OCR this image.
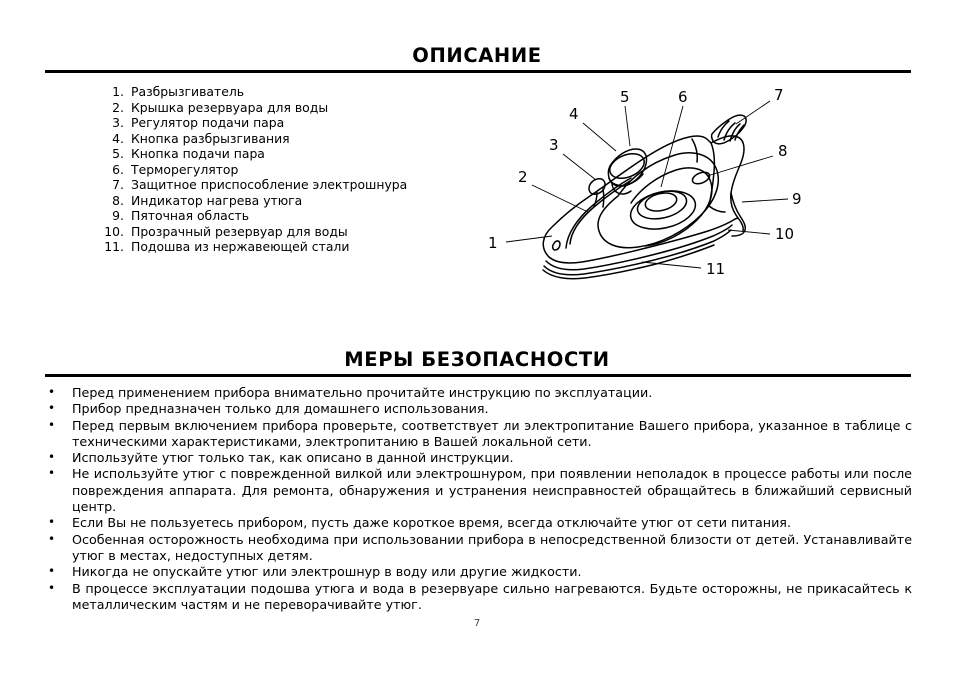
ОПИСАНИЕ
1. Разбрызгиватель
2. Крышка резервуара для воды
3. Регулятор подачи пара
4. Кнопка разбрызгивания
5. Кнопка подачи пара
6. Терморегулятор
7. Защитное приспособление электрошнура
8. Индикатор нагрева утюга
9. Пяточная область
10. Прозрачный резервуар для воды
11. Подошва из нержавеющей стали	1
2
3
4
5	6	7
8
9
10
11
МЕРЫ БЕЗОПАСНОСТИ
• Перед применением прибора внимательно прочитайте инструкцию по эксплуатации.
• Прибор предназначен только для домашнего использования.
• Перед первым включением прибора проверьте, соответствует ли электропитание Вашего прибора, указанное в таблице с техническими характеристиками, электропитанию в Вашей локальной сети.
• Используйте утюг только так, как описано в данной инструкции.
• Не используйте утюг с поврежденной вилкой или электрошнуром, при появлении неполадок в процессе работы или после повреждения аппарата. Для ремонта, обнаружения и устранения неисправностей обращайтесь в ближайший сервисный центр.
• Если Вы не пользуетесь прибором, пусть даже короткое время, всегда отключайте утюг от сети питания.
• Особенная осторожность необходима при использовании прибора в непосредственной близости от детей. Устанавливайте утюг в местах, недоступных детям.
• Никогда не опускайте утюг или электрошнур в воду или другие жидкости.
• В процессе эксплуатации подошва утюга и вода в резервуаре сильно нагреваются. Будьте осторожны, не прикасайтесь к металлическим частям и не переворачивайте утюг.
7
